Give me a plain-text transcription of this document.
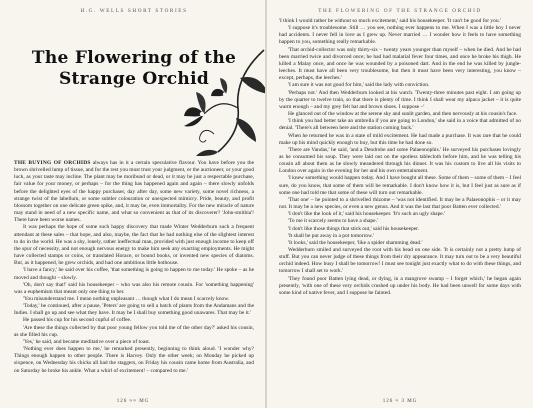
H.G. WELLS SHORT STORIES
The Flowering of the
Strange Orchid

THE BUYING OF ORCHIDS always has in it a certain speculative flavour. You have before you the brown shrivelled lump of tissue, and for the rest you must trust your judgment, or the auctioneer, or your good luck, as your taste may incline. The plant may be moribund or dead, or it may be just a respectable purchase, fair value for your money, or perhaps – for the thing has happened again and again – there slowly unfolds before the delighted eyes of the happy purchaser, day after day, some new variety, some novel richness, a strange twist of the labellum, or some subtler colouration or unexpected mimicry. Pride, beauty, and profit blossom together on one delicate green spike, and, it may be, even immortality. For the new miracle of nature may stand in need of a new specific name, and what so convenient as that of its discoverer? 'John-smithia'! There have been worse names.

It was perhaps the hope of some such happy discovery that made Winter Wedderburn such a frequent attendant at these sales – that hope, and also, maybe, the fact that he had nothing else of the slightest interest to do in the world. He was a shy, lonely, rather ineffectual man, provided with just enough income to keep off the spur of necessity, and not enough nervous energy to make him seek any exacting employments. He might have collected stamps or coins, or translated Horace, or bound books, or invented new species of diatoms. But, as it happened, he grew orchids, and had one ambitious little hothouse.

'I have a fancy,' he said over his coffee, 'that something is going to happen to me today.' He spoke – as he moved and thought – slowly.

'Oh, don't say that!' said his housekeeper – who was also his remote cousin. For 'something happening' was a euphemism that meant only one thing to her.

'You misunderstand me. I mean nothing unpleasant … though what I do mean I scarcely know.

'Today,' he continued, after a pause, 'Peters' are going to sell a batch of plants from the Andamans and the Indies. I shall go up and see what they have. It may be I shall buy something good unawares. That may be it.'

He passed his cup for his second cupful of coffee.

'Are these the things collected by that poor young fellow you told me of the other day?' asked his cousin, as she filled his cup.

'Yes,' he said, and became meditative over a piece of toast.

'Nothing ever does happen to me,' he remarked presently, beginning to think aloud. 'I wonder why? Things enough happen to other people. There is Harvey. Only the other week; on Monday he picked up sixpence, on Wednesday his chicks all had the staggers, on Friday his cousin came home from Australia, and on Saturday he broke his ankle. What a whirl of excitement! – compared to me.'

126 ≈≈ MG
THE FLOWERING OF THE STRANGE ORCHID

'I think I would rather be without so much excitement,' said his housekeeper. 'It can't be good for you.'

'I suppose it's troublesome. Still … you see, nothing ever happens to me. When I was a little boy I never had accidents. I never fell in love as I grew up. Never married … I wonder how it feels to have something happen to you, something really remarkable.

'That orchid-collector was only thirty-six – twenty years younger than myself – when he died. And he had been married twice and divorced once; he had had malarial fever four times, and once he broke his thigh. He killed a Malay once, and once he was wounded by a poisoned dart. And in the end he was killed by jungle-leeches. It must have all been very troublesome, but then it must have been very interesting, you know – except, perhaps, the leeches.'

'I am sure it was not good for him,' said the lady with conviction.

'Perhaps not.' And then Wedderburn looked at his watch. 'Twenty-three minutes past eight. I am going up by the quarter to twelve train, so that there is plenty of time. I think I shall wear my alpaca jacket – it is quite warm enough – and my grey felt hat and brown shoes. I suppose –'

He glanced out of the window at the serene sky and sunlit garden, and then nervously at his cousin's face.

'I think you had better take an umbrella if you are going to London,' she said in a voice that admitted of no denial. 'There's all between here and the station coming back.'

When he returned he was in a state of mild excitement. He had made a purchase. It was rare that he could make up his mind quickly enough to buy, but this time he had done so.

'There are Vandas,' he said, 'and a Dendrobe and some Palaeonophis.' He surveyed his purchases lovingly as he consumed his soup. They were laid out on the spotless tablecloth before him, and he was telling his cousin all about them as he slowly meandered through his dinner. It was his custom to live all his visits to London over again in the evening for her and his own entertainment.

'I knew something would happen today. And I have bought all these. Some of them – some of them – I feel sure, do you know, that some of them will be remarkable. I don't know how it is, but I feel just as sure as if some one had told me that some of these will turn out remarkable.

'That one' – he pointed to a shrivelled rhizome – 'was not identified. It may be a Palaeonophis – or it may not. It may be a new species, or even a new genus. And it was the last that poor Batten ever collected.'

'I don't like the look of it,' said his housekeeper. 'It's such an ugly shape.'

'To me it scarcely seems to have a shape.'

'I don't like those things that stick out,' said his housekeeper.

'It shall be put away in a pot tomorrow.'

'It looks,' said the housekeeper, 'like a spider shamming dead.'

Wedderburn smiled and surveyed the root with his head on one side. 'It is certainly not a pretty lump of stuff. But you can never judge of these things from their dry appearance. It may turn out to be a very beautiful orchid indeed. How busy I shall be tomorrow! I must see tonight just exactly what to do with these things, and tomorrow I shall set to work.'

'They found poor Batten lying dead, or dying, in a mangrove swamp – I forget which,' he began again presently, 'with one of these very orchids crushed up under his body. He had been unwell for some days with some kind of native fever, and I suppose he fainted.

126 ≈ 3 MG
